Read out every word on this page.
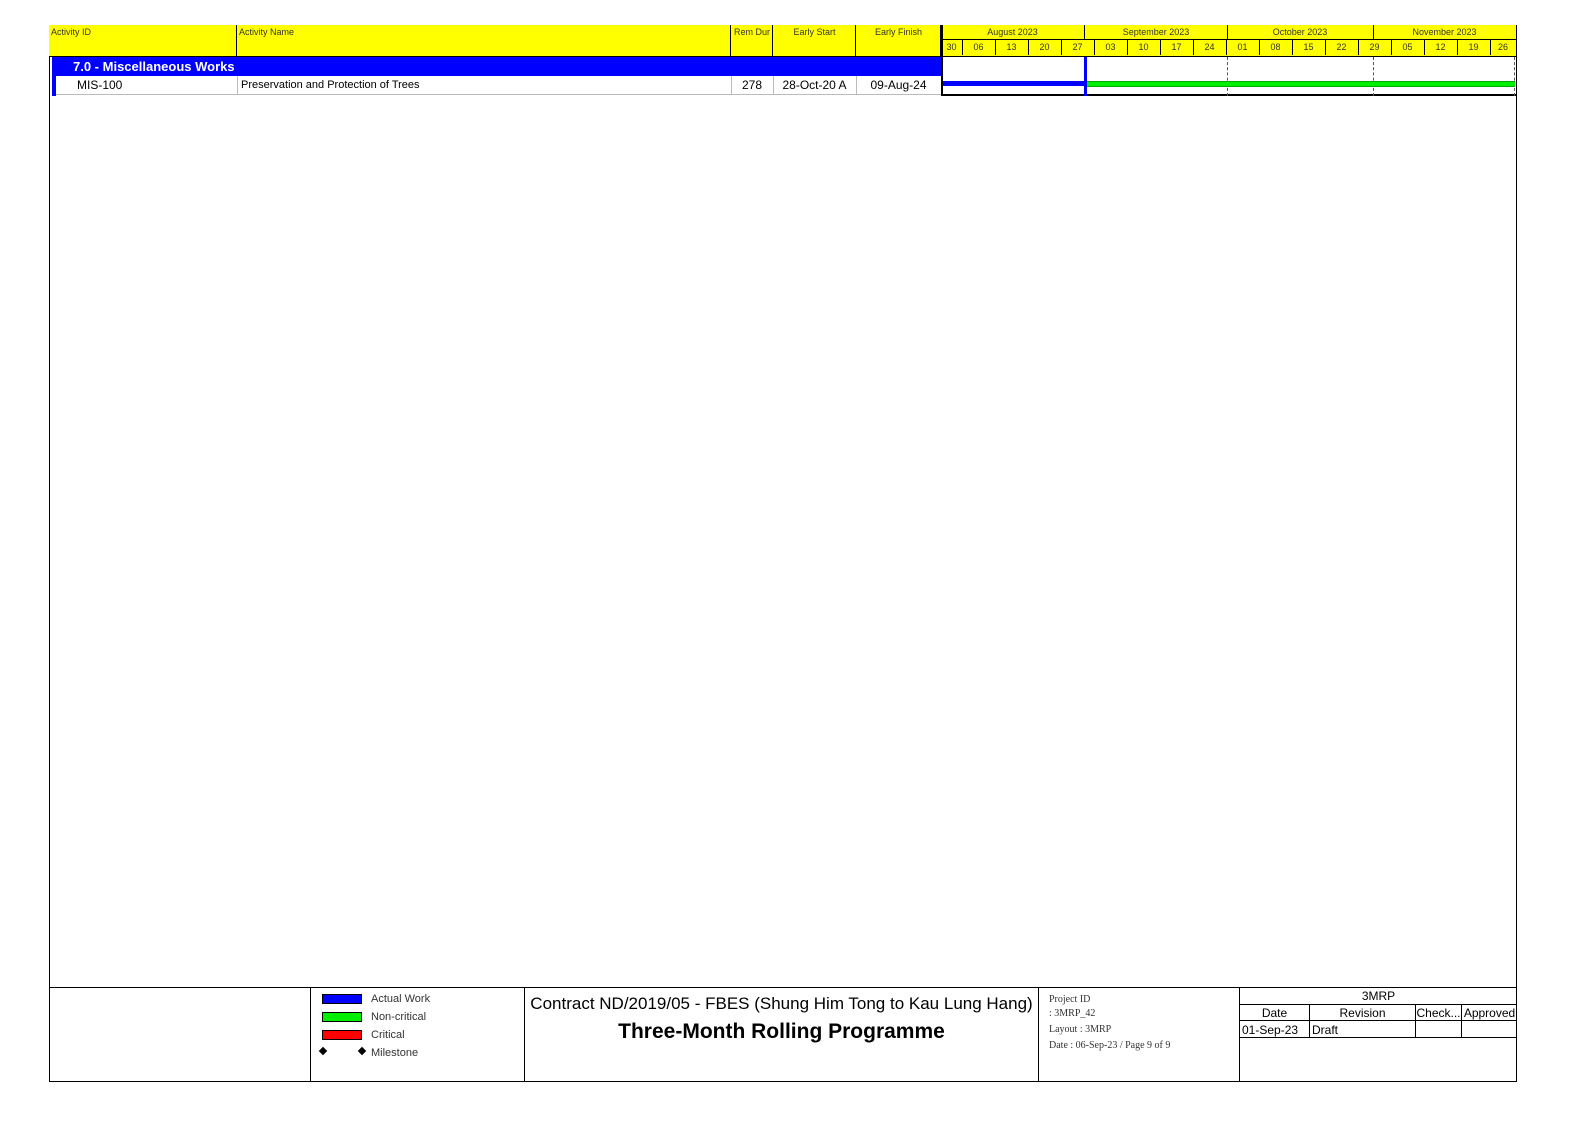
Activity ID	Activity Name	Rem Dur	Early Start	Early Finish	August 2023	September 2023	October 2023	November 2023
30	06	13	20	27	03	10	17	24	01	08	15	22	29	05	12	19	26
7.0 - Miscellaneous Works
MIS-100	Preservation and Protection of Trees	278	28-Oct-20 A	09-Aug-24
Actual Work
Non-critical
Critical
Milestone
Contract ND/2019/05 - FBES (Shung Him Tong to Kau Lung Hang)
Three-Month Rolling Programme
Project ID
: 3MRP_42
Layout : 3MRP
Date : 06-Sep-23 / Page 9 of 9
3MRP
Date	Revision	Check... Approved
01-Sep-23 Draft
